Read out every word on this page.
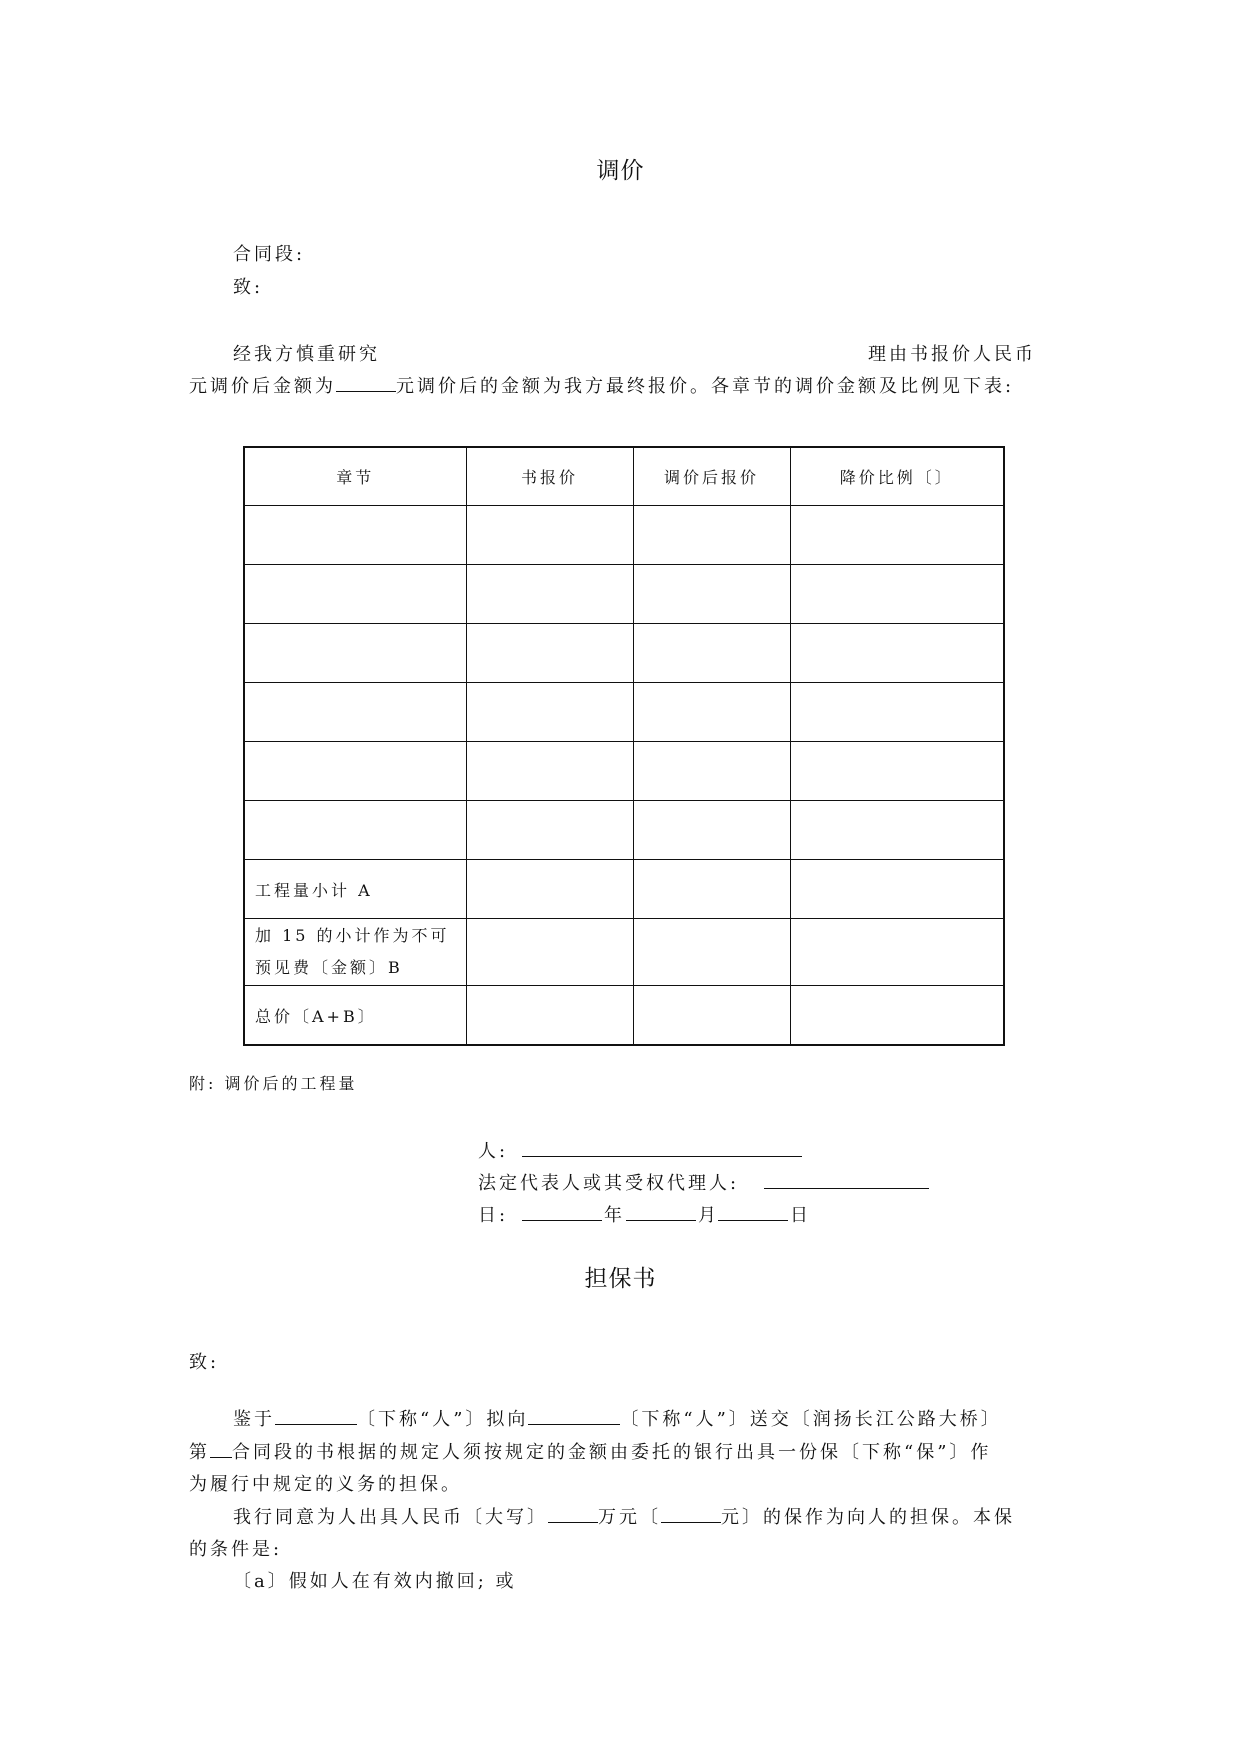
调价
合同段:
致:
经我方慎重研究	理由书报价人民币
元调价后金额为	元调价后的金额为我方最终报价。各章节的调价金额及比例见下表:
章节	书报价	调价后报价	降价比例〔〕

工程量小计 A			
加 15 的小计作为不可
预见费〔金额〕B			
总价〔A+B〕			
附: 调价后的工程量
人:
法定代表人或其受权代理人:
日:	年	月	日
担保书
致:
鉴于	〔下称“人”〕拟向	〔下称“人”〕送交〔润扬长江公路大桥〕
第 合同段的书根据的规定人须按规定的金额由委托的银行出具一份保〔下称“保”〕作
为履行中规定的义务的担保。
我行同意为人出具人民币〔大写〕	万元〔	元〕的保作为向人的担保。本保
的条件是:
〔a〕假如人在有效内撤回; 或
